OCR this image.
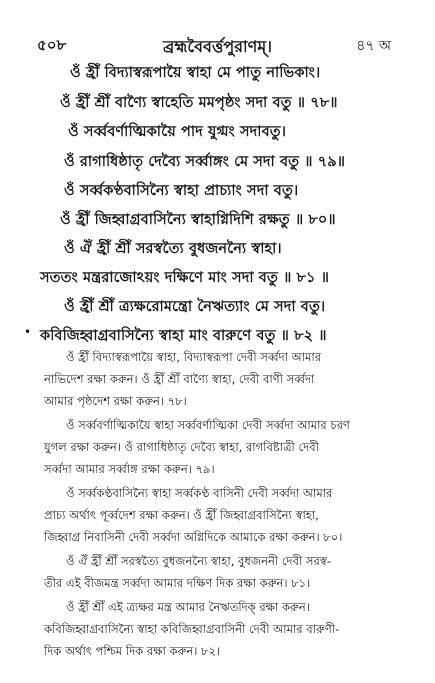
৫০৮	ব্রহ্মবৈবর্ত্তপুরাণম্‌।	৪৭ অ
ওঁ হ্রীঁ বিদ্যাস্বরূপায়ৈ স্বাহা মে পাতু নাভিকাং।
ওঁ হ্রীঁ শ্রীঁ বাণ্যৈ স্বাহেতি মমপৃষ্ঠং সদা বতু ॥ ৭৮॥
ওঁ সর্ব্ববর্ণাত্মিকায়ৈ পাদ যুগ্মং সদাবতু।
ওঁ রাগাধিষ্ঠাতৃ দেব্যৈ সর্ব্বাঙ্গং মে সদা বতু ॥ ৭৯॥
ওঁ সর্ব্বকণ্ঠবাসিন্যৈ স্বাহা প্রাচ্যাং সদা বতু।
ওঁ হ্রীঁ জিহ্বাগ্রবাসিন্যৈ স্বাহাগ্নিদিশি রক্ষতু ॥ ৮০॥
ওঁ ঐঁ হ্রীঁ শ্রীঁ সরস্বত্যৈ বুধজনন্যৈ স্বাহা।
সততং মন্ত্ররাজোঽয়ং দক্ষিণে মাং সদা বতু ॥ ৮১ ॥
ওঁ হ্রীঁ শ্রীঁ ত্র্যক্ষরোমন্ত্রো নৈঋত্যাং মে সদা বতু।
• কবিজিহ্বাগ্রবাসিন্যৈ স্বাহা মাং বারুণে বতু ॥ ৮২ ॥
ওঁ হ্রীঁ বিদ্যাস্বরূপায়ৈ স্বাহা, বিদ্যাস্বরূপা দেবী সর্ব্বদা আমার
নাভিদেশ রক্ষা করুন। ওঁ হ্রীঁ শ্রীঁ বাণ্যৈ স্বাহা, দেবী বাণী সর্ব্বদা
আমার পৃষ্ঠদেশ রক্ষা করুন। ৭৮।
ওঁ সর্ব্ববর্ণাত্মিকায়ৈ স্বাহা সর্ব্ববর্ণাত্মিকা দেবী সর্ব্বদা আমার চরণ
যুগল রক্ষা করুন। ওঁ রাগাধিষ্ঠাতৃ দেব্যৈ স্বাহা, রাগবিষ্টাত্রী দেবী
সর্ব্বদা আমার সর্ব্বাঙ্গ রক্ষা করুন। ৭৯।
ওঁ সর্ব্বকণ্ঠবাসিন্যৈ স্বাহা সর্ব্বকণ্ঠ বাসিনী দেবী সর্ব্বদা আমার
প্রাচ্য অর্থাৎ পূর্ব্বদেশ রক্ষা করুন। ওঁ হ্রীঁ জিহ্বাগ্রবাসিন্যৈ স্বাহা,
জিহ্বাগ্র নিবাসিনী দেবী সর্ব্বদা অগ্নিদিকে আমাকে রক্ষা করুন। ৮০।
ওঁ ঐঁ হ্রীঁ শ্রীঁ সরস্বত্যৈ বুধজনন্যৈ স্বাহা, বুধজননী দেবী সরস্ব-
তীর এই বীজমন্ত্র সর্ব্বদা আমার দক্ষিণ দিক রক্ষা করুন। ৮১।
ওঁ হ্রীঁ শ্রীঁ এই ত্র্যক্ষর মন্ত্র আমার নৈঋতদিক্‌ রক্ষা করুন।
কবিজিহ্বাগ্রবাসিন্যৈ স্বাহা কবিজিহ্বাগ্রবাসিনী দেবী আমার বারুণী-
দিক অর্থাৎ পশ্চিম দিক রক্ষা করুন। ৮২।
